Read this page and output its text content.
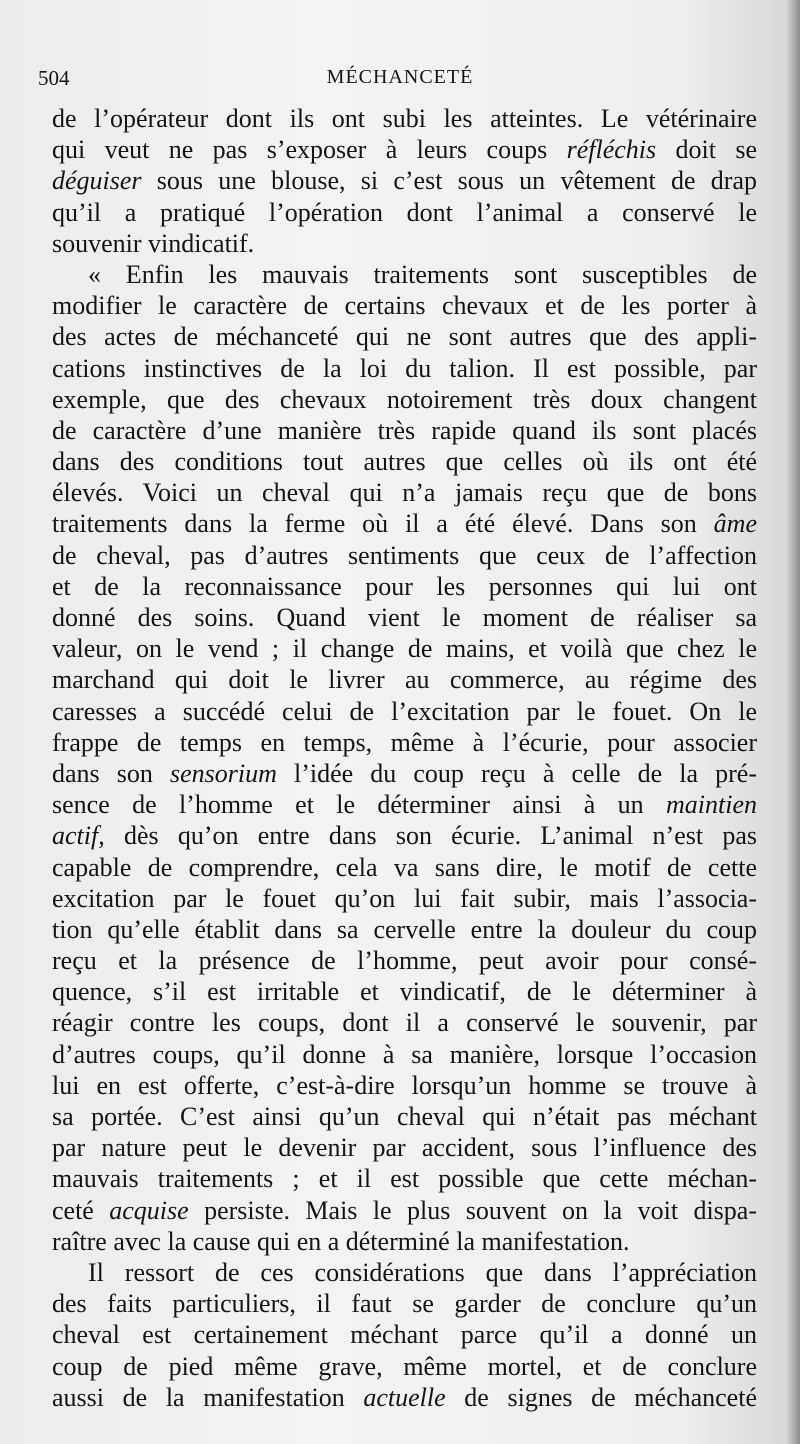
504	MÉCHANCETÉ
de l’opérateur dont ils ont subi les atteintes. Le vétérinaire
qui veut ne pas s’exposer à leurs coups réfléchis doit se
déguiser sous une blouse, si c’est sous un vêtement de drap
qu’il a pratiqué l’opération dont l’animal a conservé le
souvenir vindicatif.
« Enfin les mauvais traitements sont susceptibles de
modifier le caractère de certains chevaux et de les porter à
des actes de méchanceté qui ne sont autres que des appli-
cations instinctives de la loi du talion. Il est possible, par
exemple, que des chevaux notoirement très doux changent
de caractère d’une manière très rapide quand ils sont placés
dans des conditions tout autres que celles où ils ont été
élevés. Voici un cheval qui n’a jamais reçu que de bons
traitements dans la ferme où il a été élevé. Dans son âme
de cheval, pas d’autres sentiments que ceux de l’affection
et de la reconnaissance pour les personnes qui lui ont
donné des soins. Quand vient le moment de réaliser sa
valeur, on le vend ; il change de mains, et voilà que chez le
marchand qui doit le livrer au commerce, au régime des
caresses a succédé celui de l’excitation par le fouet. On le
frappe de temps en temps, même à l’écurie, pour associer
dans son sensorium l’idée du coup reçu à celle de la pré-
sence de l’homme et le déterminer ainsi à un maintien
actif, dès qu’on entre dans son écurie. L’animal n’est pas
capable de comprendre, cela va sans dire, le motif de cette
excitation par le fouet qu’on lui fait subir, mais l’associa-
tion qu’elle établit dans sa cervelle entre la douleur du coup
reçu et la présence de l’homme, peut avoir pour consé-
quence, s’il est irritable et vindicatif, de le déterminer à
réagir contre les coups, dont il a conservé le souvenir, par
d’autres coups, qu’il donne à sa manière, lorsque l’occasion
lui en est offerte, c’est-à-dire lorsqu’un homme se trouve à
sa portée. C’est ainsi qu’un cheval qui n’était pas méchant
par nature peut le devenir par accident, sous l’influence des
mauvais traitements ; et il est possible que cette méchan-
ceté acquise persiste. Mais le plus souvent on la voit dispa-
raître avec la cause qui en a déterminé la manifestation.
Il ressort de ces considérations que dans l’appréciation
des faits particuliers, il faut se garder de conclure qu’un
cheval est certainement méchant parce qu’il a donné un
coup de pied même grave, même mortel, et de conclure
aussi de la manifestation actuelle de signes de méchanceté
